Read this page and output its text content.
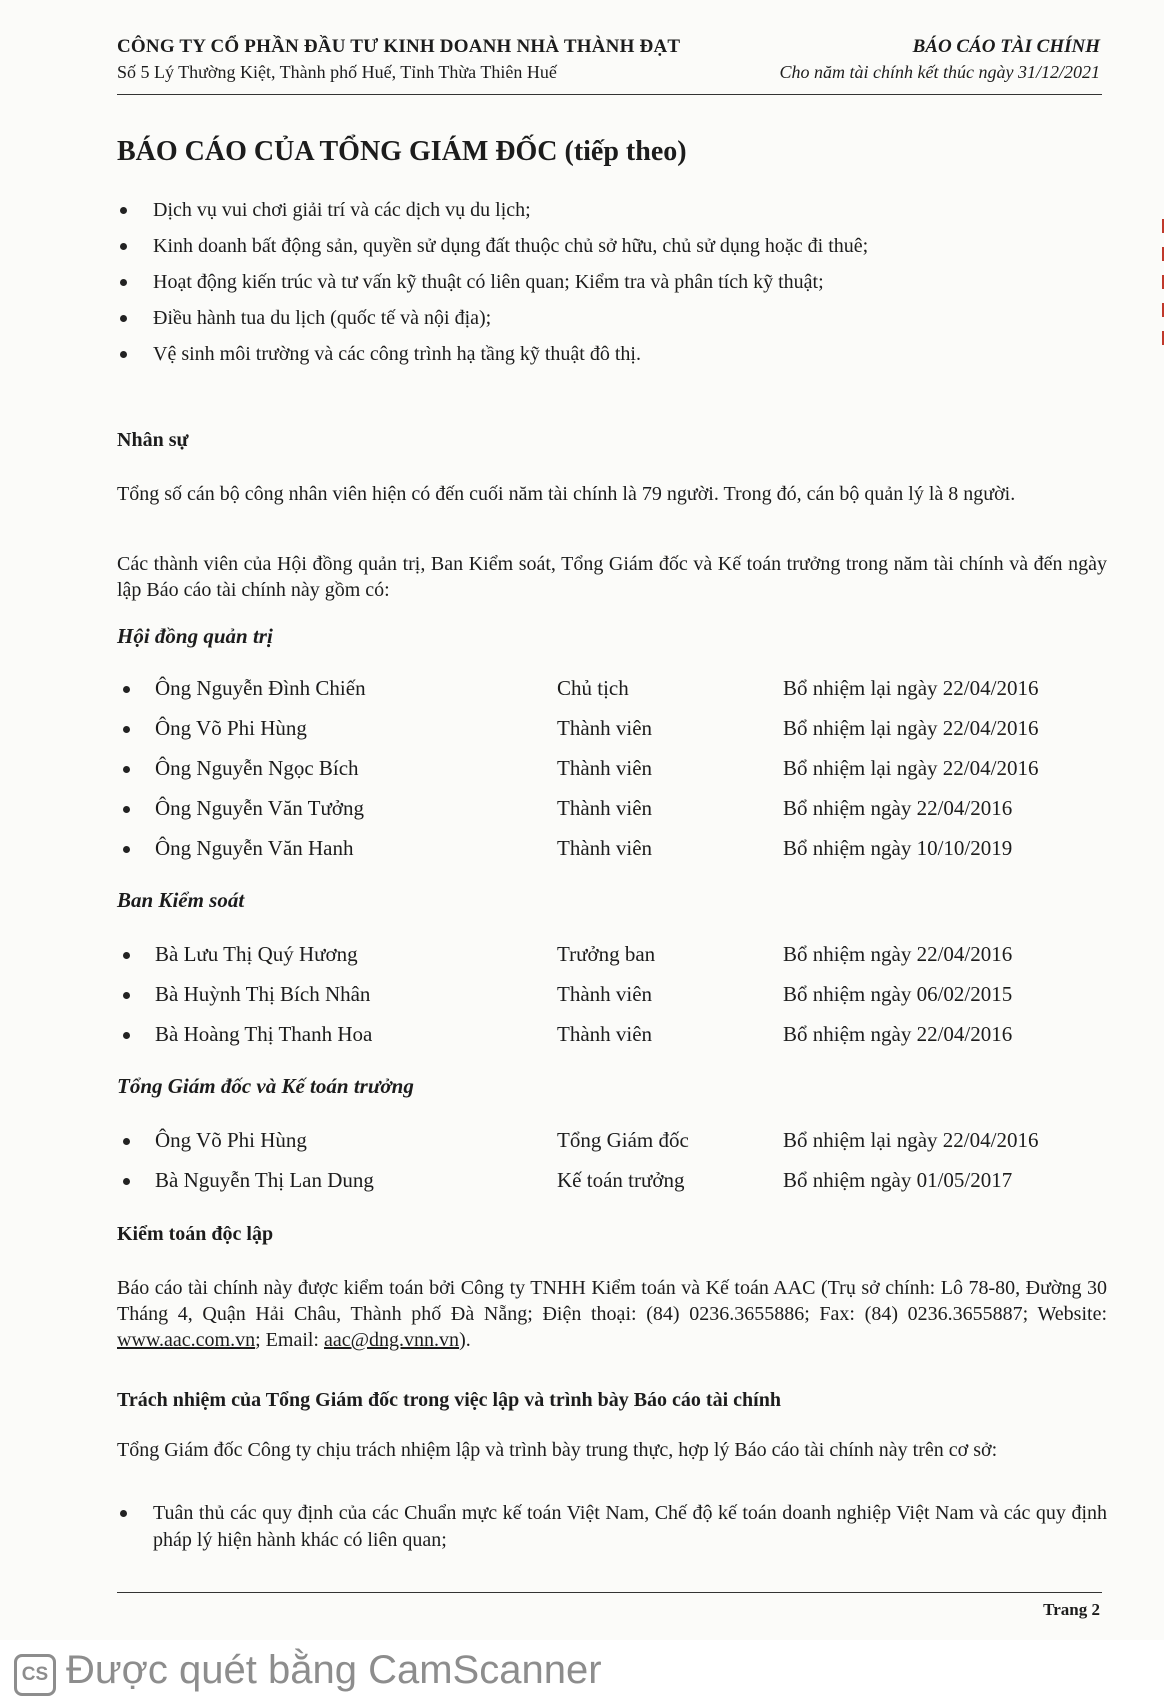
CÔNG TY CỔ PHẦN ĐẦU TƯ KINH DOANH NHÀ THÀNH ĐẠT
Số 5 Lý Thường Kiệt, Thành phố Huế, Tỉnh Thừa Thiên Huế
BÁO CÁO TÀI CHÍNH
Cho năm tài chính kết thúc ngày 31/12/2021
BÁO CÁO CỦA TỔNG GIÁM ĐỐC (tiếp theo)
Dịch vụ vui chơi giải trí và các dịch vụ du lịch;
Kinh doanh bất động sản, quyền sử dụng đất thuộc chủ sở hữu, chủ sử dụng hoặc đi thuê;
Hoạt động kiến trúc và tư vấn kỹ thuật có liên quan; Kiểm tra và phân tích kỹ thuật;
Điều hành tua du lịch (quốc tế và nội địa);
Vệ sinh môi trường và các công trình hạ tầng kỹ thuật đô thị.
Nhân sự

Tổng số cán bộ công nhân viên hiện có đến cuối năm tài chính là 79 người. Trong đó, cán bộ quản lý là 8 người.

Các thành viên của Hội đồng quản trị, Ban Kiểm soát, Tổng Giám đốc và Kế toán trưởng trong năm tài chính và đến ngày lập Báo cáo tài chính này gồm có:

Hội đồng quản trị
Ông Nguyễn Đình Chiến	Chủ tịch	Bổ nhiệm lại ngày 22/04/2016
Ông Võ Phi Hùng	Thành viên	Bổ nhiệm lại ngày 22/04/2016
Ông Nguyễn Ngọc Bích	Thành viên	Bổ nhiệm lại ngày 22/04/2016
Ông Nguyễn Văn Tưởng	Thành viên	Bổ nhiệm ngày 22/04/2016
Ông Nguyễn Văn Hanh	Thành viên	Bổ nhiệm ngày 10/10/2019
Ban Kiểm soát
Bà Lưu Thị Quý Hương	Trưởng ban	Bổ nhiệm ngày 22/04/2016
Bà Huỳnh Thị Bích Nhân	Thành viên	Bổ nhiệm ngày 06/02/2015
Bà Hoàng Thị Thanh Hoa	Thành viên	Bổ nhiệm ngày 22/04/2016
Tổng Giám đốc và Kế toán trưởng
Ông Võ Phi Hùng	Tổng Giám đốc	Bổ nhiệm lại ngày 22/04/2016
Bà Nguyễn Thị Lan Dung	Kế toán trưởng	Bổ nhiệm ngày 01/05/2017
Kiểm toán độc lập

Báo cáo tài chính này được kiểm toán bởi Công ty TNHH Kiểm toán và Kế toán AAC (Trụ sở chính: Lô 78-80, Đường 30 Tháng 4, Quận Hải Châu, Thành phố Đà Nẵng; Điện thoại: (84) 0236.3655886; Fax: (84) 0236.3655887; Website: www.aac.com.vn; Email: aac@dng.vnn.vn).

Trách nhiệm của Tổng Giám đốc trong việc lập và trình bày Báo cáo tài chính

Tổng Giám đốc Công ty chịu trách nhiệm lập và trình bày trung thực, hợp lý Báo cáo tài chính này trên cơ sở:

Tuân thủ các quy định của các Chuẩn mực kế toán Việt Nam, Chế độ kế toán doanh nghiệp Việt Nam và các quy định pháp lý hiện hành khác có liên quan;
Trang 2
CS Được quét bằng CamScanner
